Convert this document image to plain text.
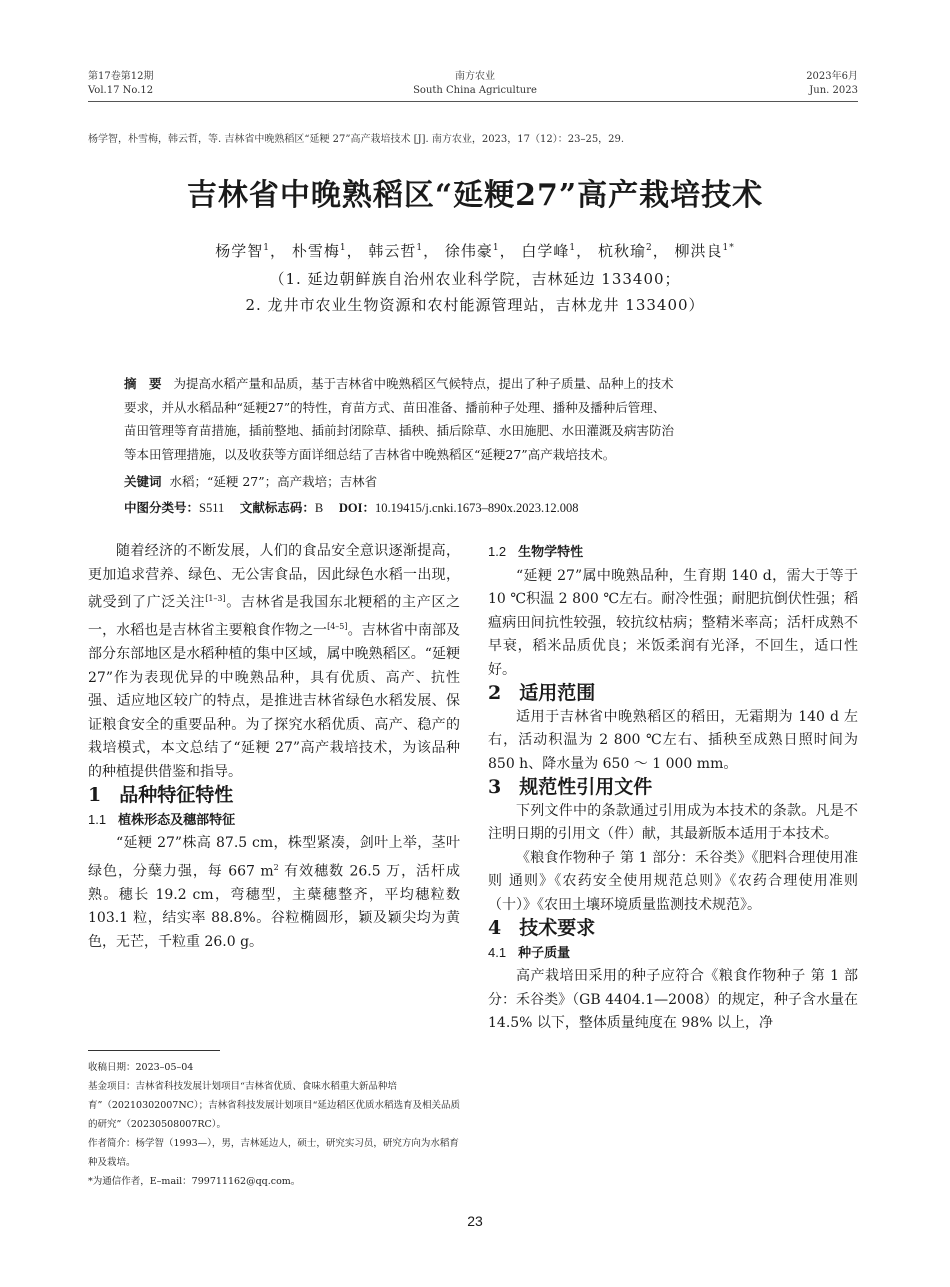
第17卷第12期
Vol.17 No.12
南方农业
South China Agriculture
2023年6月
Jun. 2023
杨学智，朴雪梅，韩云哲，等. 吉林省中晚熟稻区“延粳 27”高产栽培技术 [J]. 南方农业，2023，17（12）：23–25，29.
吉林省中晚熟稻区“延粳27”高产栽培技术
杨学智$^1$， 朴雪梅$^1$， 韩云哲$^1$， 徐伟豪$^1$， 白学峰$^1$， 杭秋瑜$^2$， 柳洪良$^{1*}$
（1. 延边朝鲜族自治州农业科学院，吉林延边 133400；
2. 龙井市农业生物资源和农村能源管理站，吉林龙井 133400）

摘　要 为提高水稻产量和品质，基于吉林省中晚熟稻区气候特点，提出了种子质量、品种上的技术

要求，并从水稻品种“延粳27”的特性，育苗方式、苗田准备、播前种子处理、播种及播种后管理、

苗田管理等育苗措施，插前整地、插前封闭除草、插秧、插后除草、水田施肥、水田灌溉及病害防治

等本田管理措施，以及收获等方面详细总结了吉林省中晚熟稻区“延粳27”高产栽培技术。

关键词 水稻；“延粳 27”；高产栽培；吉林省
中图分类号：S511 文献标志码：B DOI：10.19415/j.cnki.1673–890x.2023.12.008

随着经济的不断发展，人们的食品安全意识逐渐提高，更加追求营养、绿色、无公害食品，因此绿色水稻一出现，就受到了广泛关注[1–3]。吉林省是我国东北粳稻的主产区之一，水稻也是吉林省主要粮食作物之一[4–5]。吉林省中南部及部分东部地区是水稻种植的集中区域，属中晚熟稻区。“延粳 27”作为表现优异的中晚熟品种，具有优质、高产、抗性强、适应地区较广的特点，是推进吉林省绿色水稻发展、保证粮食安全的重要品种。为了探究水稻优质、高产、稳产的栽培模式，本文总结了“延粳 27”高产栽培技术，为该品种的种植提供借鉴和指导。

1 品种特征特性

1.1 植株形态及穗部特征

“延粳 27”株高 87.5 cm，株型紧凑，剑叶上举，茎叶绿色，分蘖力强，每 667 $m^2$ 有效穗数 26.5 万，活杆成熟。穗长 19.2 cm，弯穗型，主蘖穗整齐，平均穗粒数 103.1 粒，结实率 88.8%。谷粒椭圆形，颖及颖尖均为黄色，无芒，千粒重 26.0 g。

1.2 生物学特性

“延粳 27”属中晚熟品种，生育期 140 d，需大于等于 10 ℃积温 2 800 ℃左右。耐冷性强；耐肥抗倒伏性强；稻瘟病田间抗性较强，较抗纹枯病；整精米率高；活杆成熟不早衰，稻米品质优良；米饭柔润有光泽，不回生，适口性好。

2 适用范围

适用于吉林省中晚熟稻区的稻田，无霜期为 140 d 左右，活动积温为 2 800 ℃左右、插秧至成熟日照时间为 850 h、降水量为 650 ～ 1 000 mm。

3 规范性引用文件

下列文件中的条款通过引用成为本技术的条款。凡是不注明日期的引用文（件）献，其最新版本适用于本技术。

《粮食作物种子 第 1 部分：禾谷类》《肥料合理使用准则 通则》《农药安全使用规范总则》《农药合理使用准则（十）》《农田土壤环境质量监测技术规范》。

4 技术要求

4.1 种子质量

高产栽培田采用的种子应符合《粮食作物种子 第 1 部分：禾谷类》（GB 4404.1—2008）的规定，种子含水量在 14.5% 以下，整体质量纯度在 98% 以上，净

收稿日期：2023–05–04

基金项目：吉林省科技发展计划项目“吉林省优质、食味水稻重大新品种培育”（20210302007NC）；吉林省科技发展计划项目“延边稻区优质水稻选育及相关品质的研究”（20230508007RC）。

作者简介：杨学智（1993—），男，吉林延边人，硕士，研究实习员，研究方向为水稻育种及栽培。

*为通信作者，E–mail：799711162@qq.com。

23
